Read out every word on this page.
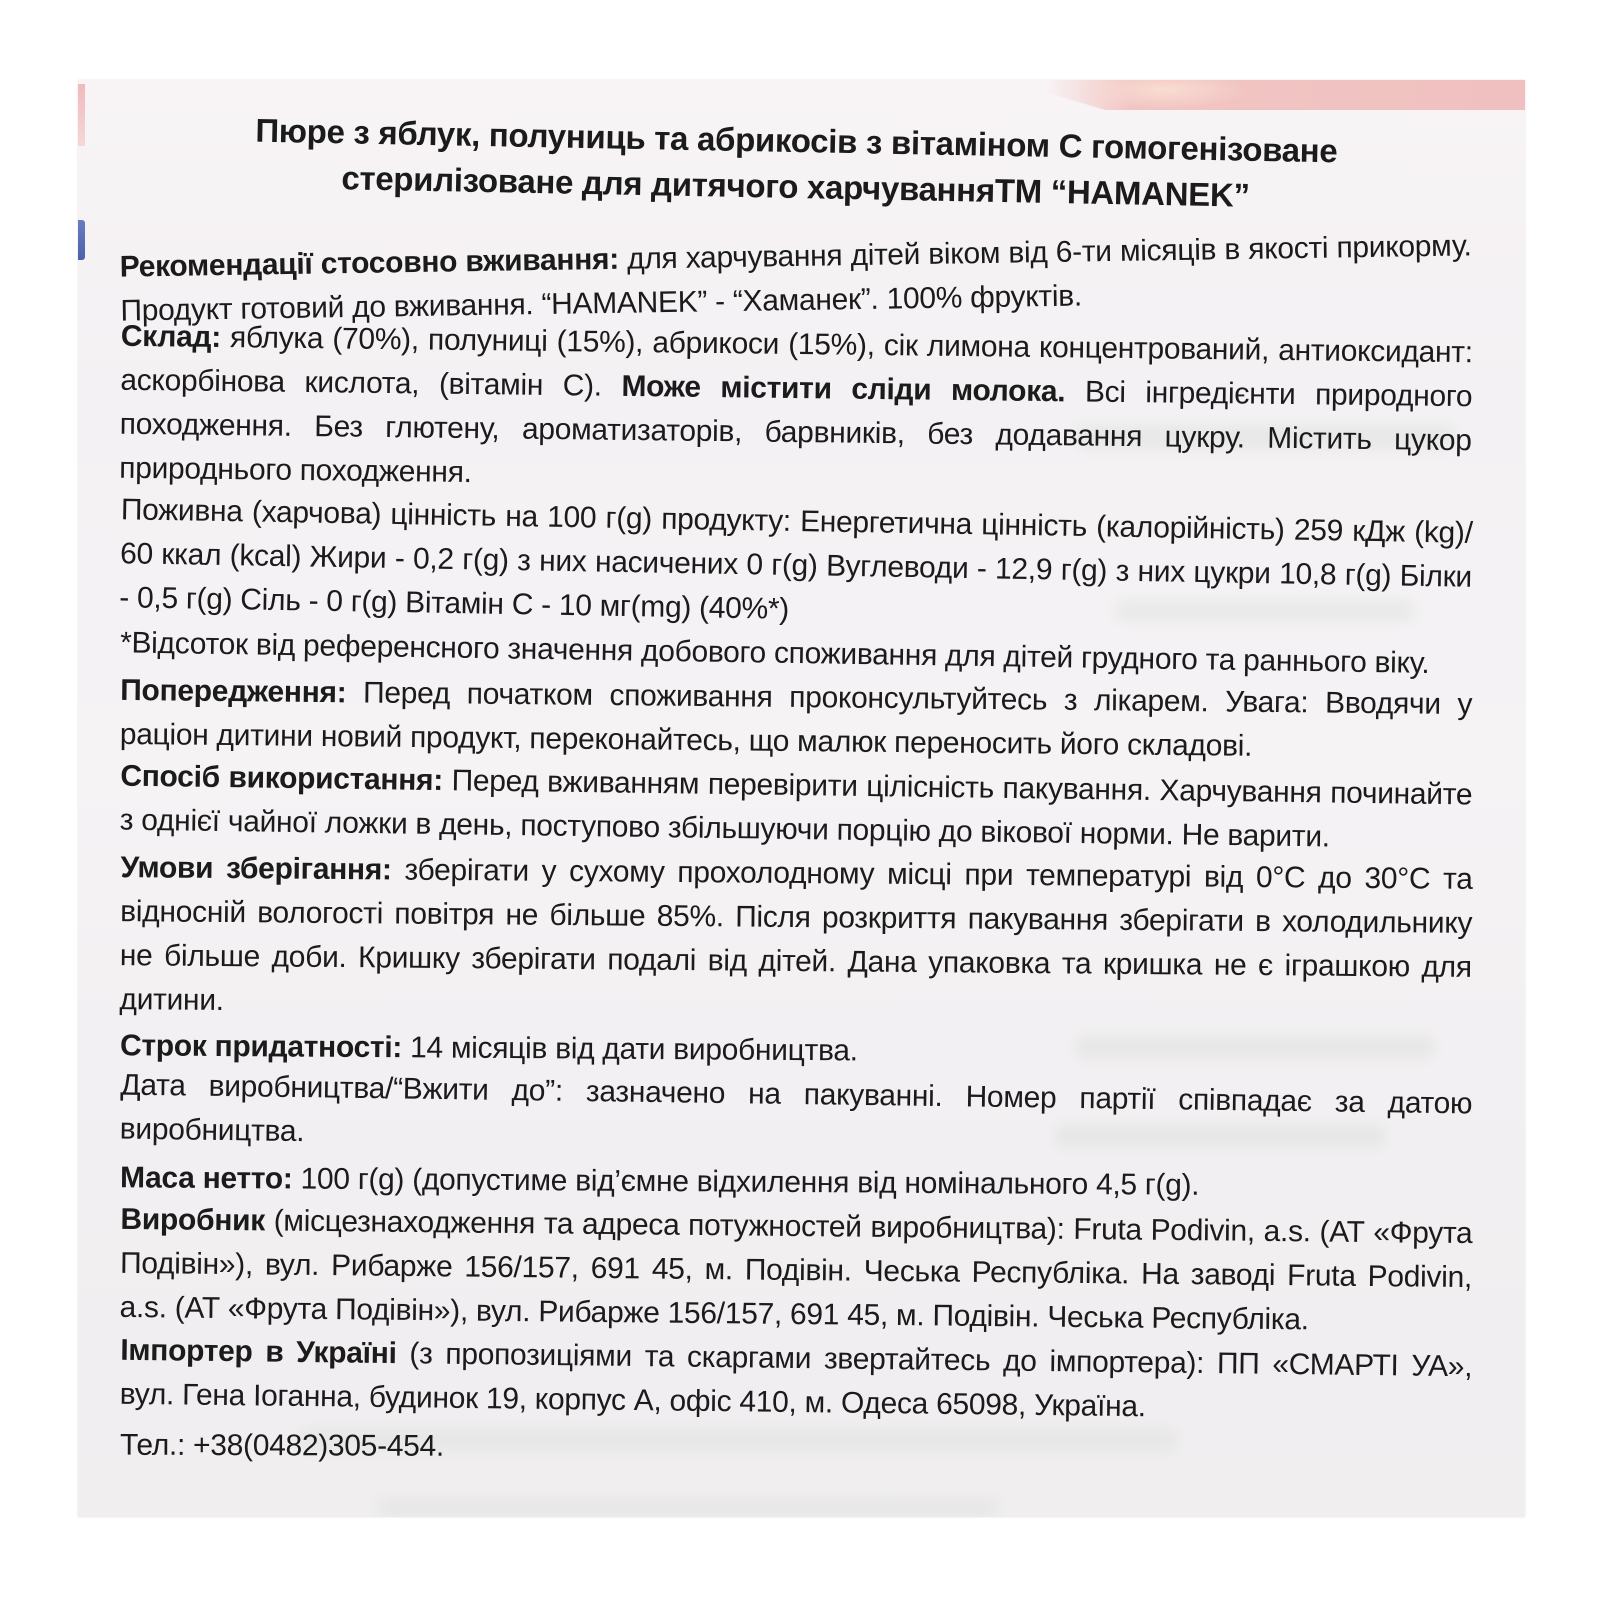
Пюре з яблук, полуниць та абрикосів з вітаміном С гомогенізоване
стерилізоване для дитячого харчуванняТМ “HAMANEK”
Рекомендації стосовно вживання: для харчування дітей віком від 6-ти місяців в якості прикорму. Продукт готовий до вживання. “HAMANEK” - “Хаманек”. 100% фруктів.
Склад: яблука (70%), полуниці (15%), абрикоси (15%), сік лимона концентрований, антиоксидант: аскорбінова кислота, (вітамін С). Може містити сліди молока. Всі інгредієнти природного походження. Без глютену, ароматизаторів, барвників, без додавання цукру. Містить цукор природнього походження.
Поживна (харчова) цінність на 100 г(g) продукту: Енергетична цінність (калорійність) 259 кДж (kg)/ 60 ккал (kcal) Жири - 0,2 г(g) з них насичених 0 г(g) Вуглеводи - 12,9 г(g) з них цукри 10,8 г(g) Білки - 0,5 г(g) Сіль - 0 г(g) Вітамін С - 10 мг(mg) (40%*)
*Відсоток від референсного значення добового споживання для дітей грудного та раннього віку.
Попередження: Перед початком споживання проконсультуйтесь з лікарем. Увага: Вводячи у раціон дитини новий продукт, переконайтесь, що малюк переносить його складові.
Спосіб використання: Перед вживанням перевірити цілісність пакування. Харчування починайте з однієї чайної ложки в день, поступово збільшуючи порцію до вікової норми. Не варити.
Умови зберігання: зберігати у сухому прохолодному місці при температурі від 0°С до 30°С та відносній вологості повітря не більше 85%. Після розкриття пакування зберігати в холодильнику не більше доби. Кришку зберігати подалі від дітей. Дана упаковка та кришка не є іграшкою для дитини.
Строк придатності: 14 місяців від дати виробництва.
Дата виробництва/“Вжити до”: зазначено на пакуванні. Номер партії співпадає за датою виробництва.
Маса нетто: 100 г(g) (допустиме від’ємне відхилення від номінального 4,5 г(g).
Виробник (місцезнаходження та адреса потужностей виробництва): Fruta Podivin, a.s. (АТ «Фрута Подівін»), вул. Рибарже 156/157, 691 45, м. Подівін. Чеська Республіка. На заводі Fruta Podivin, a.s. (АТ «Фрута Подівін»), вул. Рибарже 156/157, 691 45, м. Подівін. Чеська Республіка.
Імпортер в Україні (з пропозиціями та скаргами звертайтесь до імпортера): ПП «СМАРТІ УА», вул. Гена Іоганна, будинок 19, корпус А, офіс 410, м. Одеса 65098, Україна.
Тел.: +38(0482)305-454.
